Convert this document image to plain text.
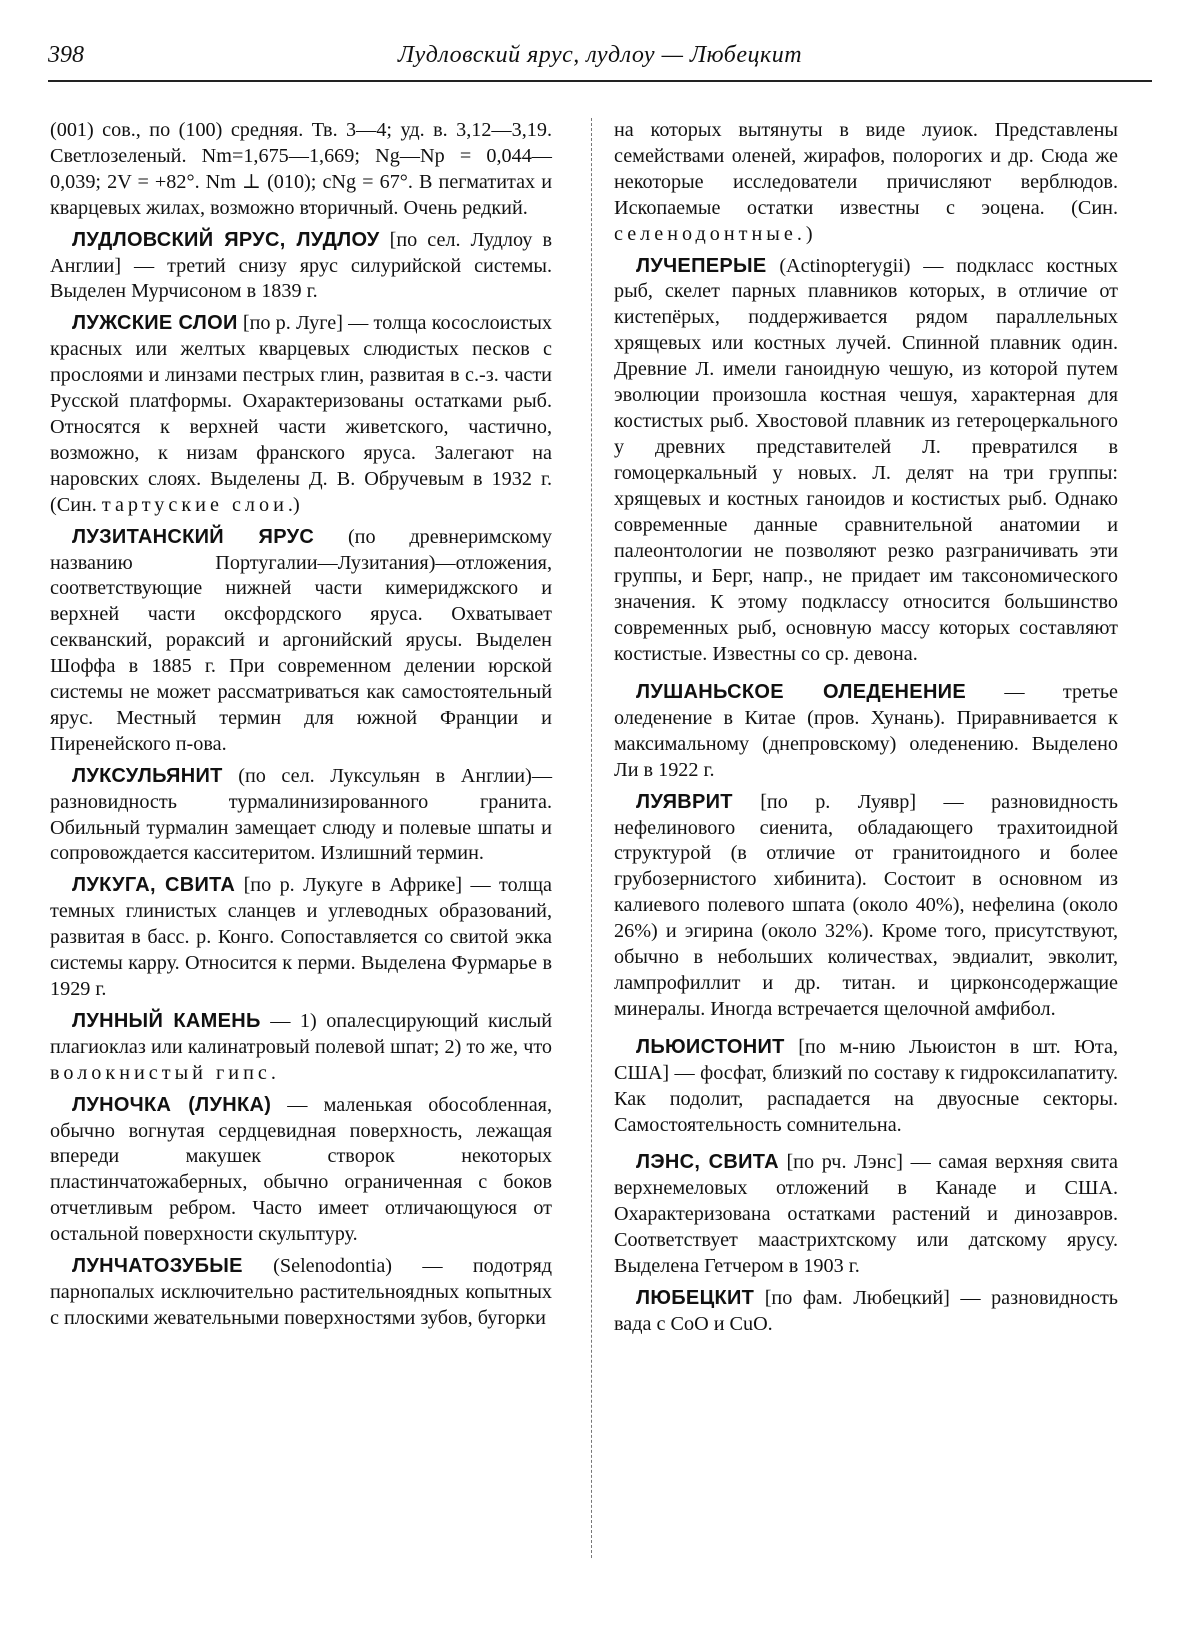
398	Лудловский ярус, лудлоу — Любецкит

(001) сов., по (100) средняя. Тв. 3—4; уд. в. 3,12—3,19. Светлозеленый. Nm=1,675—1,669; Ng—Np = 0,044—0,039; 2V = +82°. Nm ⊥ (010); cNg = 67°. В пегматитах и кварцевых жилах, возможно вторичный. Очень редкий.

ЛУДЛОВСКИЙ ЯРУС, ЛУДЛОУ [по сел. Лудлоу в Англии] — третий снизу ярус силурийской системы. Выделен Мурчисоном в 1839 г.

ЛУЖСКИЕ СЛОИ [по р. Луге] — толща косослоистых красных или желтых кварцевых слюдистых песков с прослоями и линзами пестрых глин, развитая в с.-з. части Русской платформы. Охарактеризованы остатками рыб. Относятся к верхней части живетского, частично, возможно, к низам франского яруса. Залегают на наровских слоях. Выделены Д. В. Обручевым в 1932 г. (Син. тартуские слои.)

ЛУЗИТАНСКИЙ ЯРУС (по древнеримскому названию Португалии—Лузитания)—отложения, соответствующие нижней части кимериджского и верхней части оксфордского яруса. Охватывает секванский, рораксий и аргонийский ярусы. Выделен Шоффа в 1885 г. При современном делении юрской системы не может рассматриваться как самостоятельный ярус. Местный термин для южной Франции и Пиренейского п-ова.

ЛУКСУЛЬЯНИТ (по сел. Луксульян в Англии)—разновидность турмалинизированного гранита. Обильный турмалин замещает слюду и полевые шпаты и сопровождается касситеритом. Излишний термин.

ЛУКУГА, СВИТА [по р. Лукуге в Африке] — толща темных глинистых сланцев и углеводных образований, развитая в басс. р. Конго. Сопоставляется со свитой экка системы карру. Относится к перми. Выделена Фурмарье в 1929 г.

ЛУННЫЙ КАМЕНЬ — 1) опалесцирующий кислый плагиоклаз или калинатровый полевой шпат; 2) то же, что волокнистый гипс.

ЛУНОЧКА (ЛУНКА) — маленькая обособленная, обычно вогнутая сердцевидная поверхность, лежащая впереди макушек створок некоторых пластинчатожаберных, обычно ограниченная с боков отчетливым ребром. Часто имеет отличающуюся от остальной поверхности скульптуру.

ЛУНЧАТОЗУБЫЕ (Selenodontia) — подотряд парнопалых исключительно растительноядных копытных с плоскими жевательными поверхностями зубов, бугорки

на которых вытянуты в виде луиок. Представлены семействами оленей, жирафов, полорогих и др. Сюда же некоторые исследователи причисляют верблюдов. Ископаемые остатки известны с эоцена. (Син. селенодонтные.)

ЛУЧЕПЕРЫЕ (Actinopterygii) — подкласс костных рыб, скелет парных плавников которых, в отличие от кистепёрых, поддерживается рядом параллельных хрящевых или костных лучей. Спинной плавник один. Древние Л. имели ганоидную чешую, из которой путем эволюции произошла костная чешуя, характерная для костистых рыб. Хвостовой плавник из гетероцеркального у древних представителей Л. превратился в гомоцеркальный у новых. Л. делят на три группы: хрящевых и костных ганоидов и костистых рыб. Однако современные данные сравнительной анатомии и палеонтологии не позволяют резко разграничивать эти группы, и Берг, напр., не придает им таксономического значения. К этому подклассу относится большинство современных рыб, основную массу которых составляют костистые. Известны со ср. девона.

ЛУШАНЬСКОЕ ОЛЕДЕНЕНИЕ — третье оледенение в Китае (пров. Хунань). Приравнивается к максимальному (днепровскому) оледенению. Выделено Ли в 1922 г.

ЛУЯВРИТ [по р. Луявр] — разновидность нефелинового сиенита, обладающего трахитоидной структурой (в отличие от гранитоидного и более грубозернистого хибинита). Состоит в основном из калиевого полевого шпата (около 40%), нефелина (около 26%) и эгирина (около 32%). Кроме того, присутствуют, обычно в небольших количествах, эвдиалит, эвколит, лампрофиллит и др. титан. и цирконсодержащие минералы. Иногда встречается щелочной амфибол.

ЛЬЮИСТОНИТ [по м-нию Льюистон в шт. Юта, США] — фосфат, близкий по составу к гидроксилапатиту. Как подолит, распадается на двуосные секторы. Самостоятельность сомнительна.

ЛЭНС, СВИТА [по рч. Лэнс] — самая верхняя свита верхнемеловых отложений в Канаде и США. Охарактеризована остатками растений и динозавров. Соответствует маастрихтскому или датскому ярусу. Выделена Гетчером в 1903 г.

ЛЮБЕЦКИТ [по фам. Любецкий] — разновидность вада с CoO и CuO.
